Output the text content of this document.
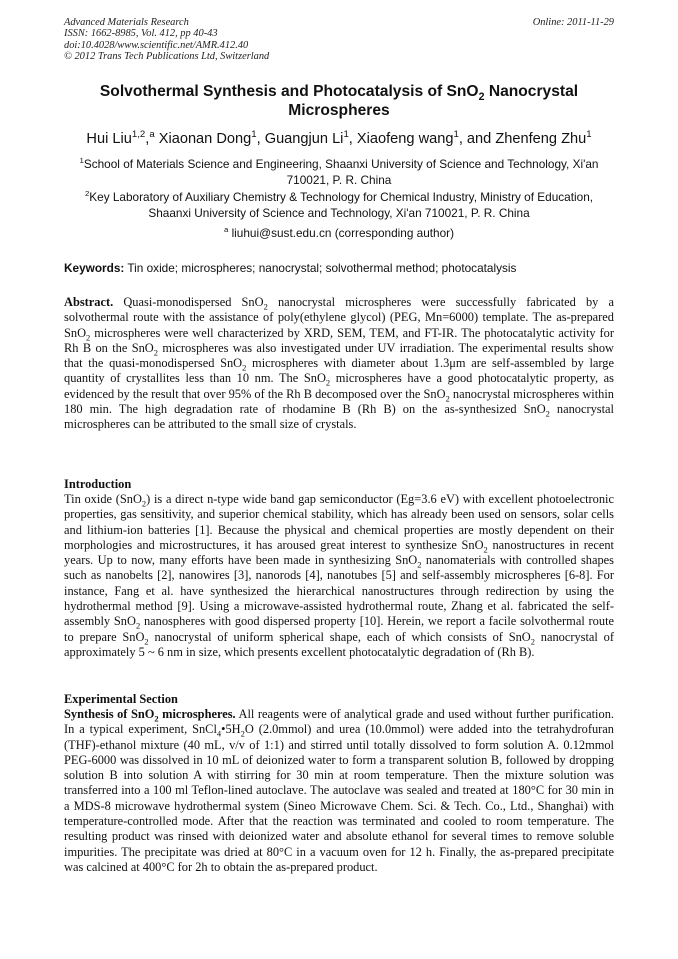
Advanced Materials Research
ISSN: 1662-8985, Vol. 412, pp 40-43
doi:10.4028/www.scientific.net/AMR.412.40
© 2012 Trans Tech Publications Ltd, Switzerland
Online: 2011-11-29
Solvothermal Synthesis and Photocatalysis of SnO$_2$ Nanocrystal Microspheres
Hui Liu$^{1,2}$,$^a$ Xiaonan Dong$^1$, Guangjun Li$^1$, Xiaofeng wang$^1$, and Zhenfeng Zhu$^1$
$^1$School of Materials Science and Engineering, Shaanxi University of Science and Technology, Xi'an 710021, P. R. China
$^2$Key Laboratory of Auxiliary Chemistry & Technology for Chemical Industry, Ministry of Education, Shaanxi University of Science and Technology, Xi'an 710021, P. R. China
$^a$ liuhui@sust.edu.cn (corresponding author)
Keywords: Tin oxide; microspheres; nanocrystal; solvothermal method; photocatalysis

Abstract. Quasi-monodispersed SnO$_2$ nanocrystal microspheres were successfully fabricated by a solvothermal route with the assistance of poly(ethylene glycol) (PEG, Mn=6000) template. The as-prepared SnO$_2$ microspheres were well characterized by XRD, SEM, TEM, and FT-IR. The photocatalytic activity for Rh B on the SnO$_2$ microspheres was also investigated under UV irradiation. The experimental results show that the quasi-monodispersed SnO$_2$ microspheres with diameter about 1.3μm are self-assembled by large quantity of crystallites less than 10 nm. The SnO$_2$ microspheres have a good photocatalytic property, as evidenced by the result that over 95% of the Rh B decomposed over the SnO$_2$ nanocrystal microspheres within 180 min. The high degradation rate of rhodamine B (Rh B) on the as-synthesized SnO$_2$ nanocrystal microspheres can be attributed to the small size of crystals.

Introduction

Tin oxide (SnO$_2$) is a direct n-type wide band gap semiconductor (Eg=3.6 eV) with excellent photoelectronic properties, gas sensitivity, and superior chemical stability, which has already been used on sensors, solar cells and lithium-ion batteries [1]. Because the physical and chemical properties are mostly dependent on their morphologies and microstructures, it has aroused great interest to synthesize SnO$_2$ nanostructures in recent years. Up to now, many efforts have been made in synthesizing SnO$_2$ nanomaterials with controlled shapes such as nanobelts [2], nanowires [3], nanorods [4], nanotubes [5] and self-assembly microspheres [6-8]. For instance, Fang et al. have synthesized the hierarchical nanostructures through redirection by using the hydrothermal method [9]. Using a microwave-assisted hydrothermal route, Zhang et al. fabricated the self-assembly SnO$_2$ nanospheres with good dispersed property [10]. Herein, we report a facile solvothermal route to prepare SnO$_2$ nanocrystal of uniform spherical shape, each of which consists of SnO$_2$ nanocrystal of approximately 5 ~ 6 nm in size, which presents excellent photocatalytic degradation of (Rh B).

Experimental Section

Synthesis of SnO$_2$ microspheres. All reagents were of analytical grade and used without further purification. In a typical experiment, $SnCl_4•5H_2O$ (2.0mmol) and urea (10.0mmol) were added into the tetrahydrofuran (THF)-ethanol mixture (40 mL, v/v of 1:1) and stirred until totally dissolved to form solution A. 0.12mmol PEG-6000 was dissolved in 10 mL of deionized water to form a transparent solution B, followed by dropping solution B into solution A with stirring for 30 min at room temperature. Then the mixture solution was transferred into a 100 ml Teflon-lined autoclave. The autoclave was sealed and treated at 180°C for 30 min in a MDS-8 microwave hydrothermal system (Sineo Microwave Chem. Sci. & Tech. Co., Ltd., Shanghai) with temperature-controlled mode. After that the reaction was terminated and cooled to room temperature. The resulting product was rinsed with deionized water and absolute ethanol for several times to remove soluble impurities. The precipitate was dried at 80°C in a vacuum oven for 12 h. Finally, the as-prepared precipitate was calcined at 400°C for 2h to obtain the as-prepared product.
